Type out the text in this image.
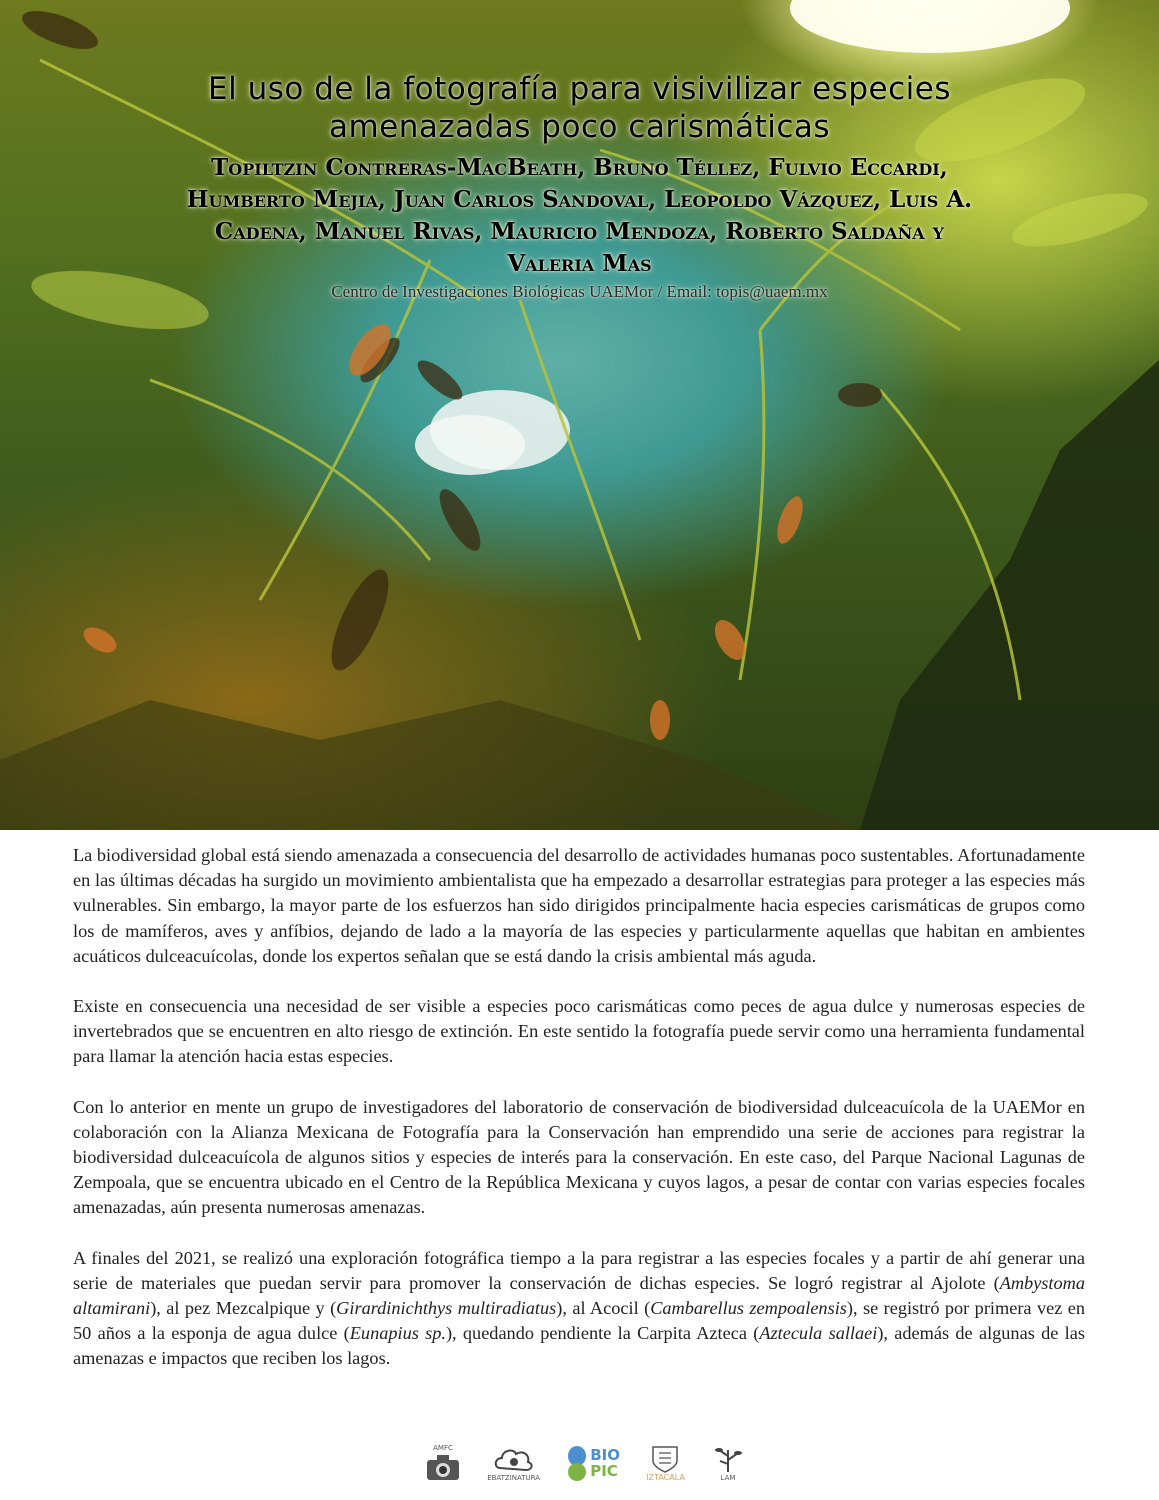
El uso de la fotografía para visivilizar especies amenazadas poco carismáticas
Topiltzin Contreras-MacBeath, Bruno Téllez, Fulvio Eccardi, Humberto Mejia, Juan Carlos Sandoval, Leopoldo Vázquez, Luis A. Cadena, Manuel Rivas, Mauricio Mendoza, Roberto Saldaña y Valeria Mas
Centro de Investigaciones Biológicas UAEMor / Email: topis@uaem.mx

La biodiversidad global está siendo amenazada a consecuencia del desarrollo de actividades humanas poco sustentables. Afortunadamente en las últimas décadas ha surgido un movimiento ambientalista que ha empezado a desarrollar estrategias para proteger a las especies más vulnerables. Sin embargo, la mayor parte de los esfuerzos han sido dirigidos principalmente hacia especies carismáticas de grupos como los de mamíferos, aves y anfíbios, dejando de lado a la mayoría de las especies y particularmente aquellas que habitan en ambientes acuáticos dulceacuícolas, donde los expertos señalan que se está dando la crisis ambiental más aguda.

Existe en consecuencia una necesidad de ser visible a especies poco carismáticas como peces de agua dulce y numerosas especies de invertebrados que se encuentren en alto riesgo de extinción. En este sentido la fotografía puede servir como una herramienta fundamental para llamar la atención hacia estas especies.

Con lo anterior en mente un grupo de investigadores del laboratorio de conservación de biodiversidad dulceacuícola de la UAEMor en colaboración con la Alianza Mexicana de Fotografía para la Conservación han emprendido una serie de acciones para registrar la biodiversidad dulceacuícola de algunos sitios y especies de interés para la conservación. En este caso, del Parque Nacional Lagunas de Zempoala, que se encuentra ubicado en el Centro de la República Mexicana y cuyos lagos, a pesar de contar con varias especies focales amenazadas, aún presenta numerosas amenazas.

A finales del 2021, se realizó una exploración fotográfica tiempo a la para registrar a las especies focales y a partir de ahí generar una serie de materiales que puedan servir para promover la conservación de dichas especies. Se logró registrar al Ajolote (Ambystoma altamirani), al pez Mezcalpique y (Girardinichthys multiradiatus), al Acocil (Cambarellus zempoalensis), se registró por primera vez en 50 años a la esponja de agua dulce (Eunapius sp.), quedando pendiente la Carpita Azteca (Aztecula sallaei), además de algunas de las amenazas e impactos que reciben los lagos.

AMFC
EBATZINATURA
BIO
PIC	IZTACALA	LAM
